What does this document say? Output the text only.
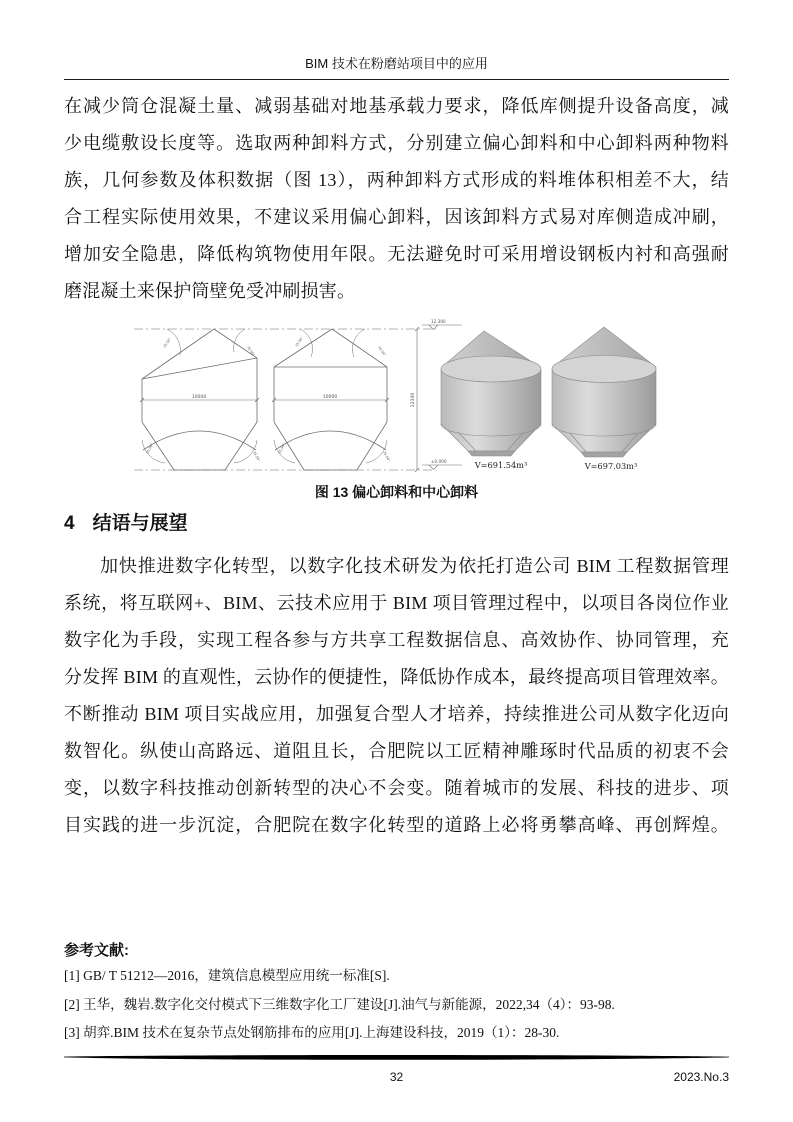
BIM 技术在粉磨站项目中的应用
在减少筒仓混凝土量、减弱基础对地基承载力要求，降低库侧提升设备高度，减
少电缆敷设长度等。选取两种卸料方式，分别建立偏心卸料和中心卸料两种物料
族，几何参数及体积数据（图 13），两种卸料方式形成的料堆体积相差不大，结
合工程实际使用效果，不建议采用偏心卸料，因该卸料方式易对库侧造成冲刷，
增加安全隐患，降低构筑物使用年限。无法避免时可采用增设钢板内衬和高强耐
磨混凝土来保护筒壁免受冲刷损害。
10000
35.56°
35.56°
35.56°
35.56°
10000
35.56°
35.56°
35.56°
35.56°
12300
12.300
±0.000	V=691.54m³	V=697.03m³
图 13 偏心卸料和中心卸料
4 结语与展望
加快推进数字化转型，以数字化技术研发为依托打造公司 BIM 工程数据管理
系统，将互联网+、BIM、云技术应用于 BIM 项目管理过程中，以项目各岗位作业
数字化为手段，实现工程各参与方共享工程数据信息、高效协作、协同管理，充
分发挥 BIM 的直观性，云协作的便捷性，降低协作成本，最终提高项目管理效率。
不断推动 BIM 项目实战应用，加强复合型人才培养，持续推进公司从数字化迈向
数智化。纵使山高路远、道阻且长，合肥院以工匠精神雕琢时代品质的初衷不会
变，以数字科技推动创新转型的决心不会变。随着城市的发展、科技的进步、项
目实践的进一步沉淀，合肥院在数字化转型的道路上必将勇攀高峰、再创辉煌。
参考文献:
[1] GB/ T 51212—2016，建筑信息模型应用统一标准[S].
[2] 王华，魏岩.数字化交付模式下三维数字化工厂建设[J].油气与新能源，2022,34（4）：93-98.
[3] 胡弈.BIM 技术在复杂节点处钢筋排布的应用[J].上海建设科技，2019（1）：28-30.
32	2023.No.3
